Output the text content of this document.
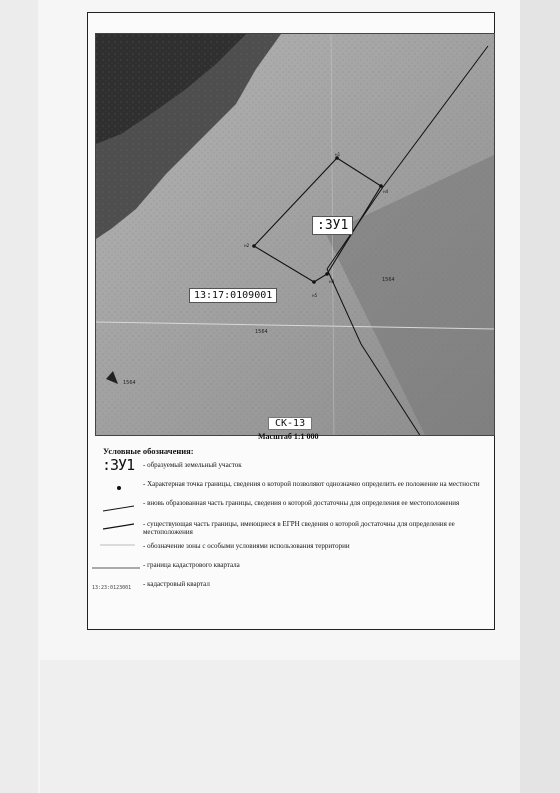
:ЗУ1
13:17:0109001
СК-13
1564
1564
1564
н1
н4
н3
н5
н2
Масштаб 1:1 000
Условные обозначения:
:ЗУ1 - образуемый земельный участок
- Характерная точка границы, сведения о которой позволяют однозначно определить ее положение на местности
- вновь образованная часть границы, сведения о которой достаточны для определения ее местоположения
- существующая часть границы, имеющиеся в ЕГРН сведения о которой достаточны для определения ее местоположения
- обозначение зоны с особыми условиями использования территории
- граница кадастрового квартала
13:23:0123001 - кадастровый квартал
